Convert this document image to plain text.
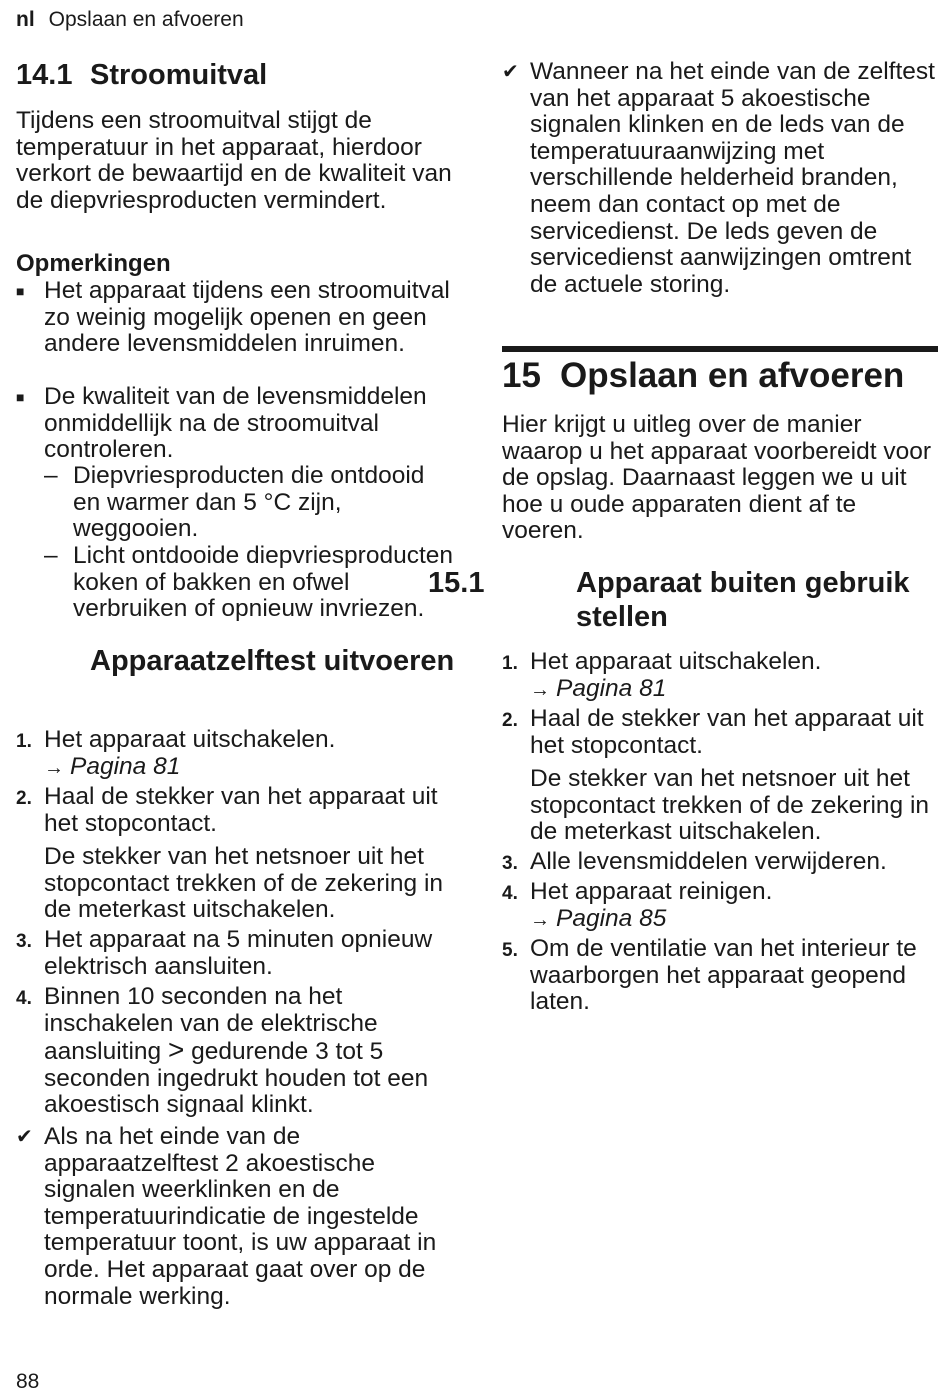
nl Opslaan en afvoeren
14.1 Stroomuitval
Tijdens een stroomuitval stijgt de temperatuur in het apparaat, hierdoor verkort de bewaartijd en de kwaliteit van de diepvriesproducten vermindert.
Opmerkingen
■ Het apparaat tijdens een stroomuitval zo weinig mogelijk openen en geen andere levensmiddelen inruimen.
■ De kwaliteit van de levensmiddelen onmiddellijk na de stroomuitval controleren.
– Diepvriesproducten die ontdooid en warmer dan 5 °C zijn, weggooien.
– Licht ontdooide diepvriesproducten koken of bakken en ofwel verbruiken of opnieuw invriezen.
Apparaatzelftest uitvoeren
1. Het apparaat uitschakelen.
→ Pagina 81
2. Haal de stekker van het apparaat uit het stopcontact.
De stekker van het netsnoer uit het stopcontact trekken of de zekering in de meterkast uitschakelen.
3. Het apparaat na 5 minuten opnieuw elektrisch aansluiten.
4. Binnen 10 seconden na het inschakelen van de elektrische aansluiting > gedurende 3 tot 5 seconden ingedrukt houden tot een akoestisch signaal klinkt.
✔ Als na het einde van de apparaatzelftest 2 akoestische signalen weerklinken en de temperatuurindicatie de ingestelde temperatuur toont, is uw apparaat in orde. Het apparaat gaat over op de normale werking.
✔ Wanneer na het einde van de zelftest van het apparaat 5 akoestische signalen klinken en de leds van de temperatuuraanwijzing met verschillende helderheid branden, neem dan contact op met de servicedienst. De leds geven de servicedienst aanwijzingen omtrent de actuele storing.
15 Opslaan en afvoeren
Hier krijgt u uitleg over de manier waarop u het apparaat voorbereidt voor de opslag. Daarnaast leggen we u uit hoe u oude apparaten dient af te voeren.
15.1	Apparaat buiten gebruik stellen
1. Het apparaat uitschakelen.
→ Pagina 81
2. Haal de stekker van het apparaat uit het stopcontact.
De stekker van het netsnoer uit het stopcontact trekken of de zekering in de meterkast uitschakelen.
3. Alle levensmiddelen verwijderen.
4. Het apparaat reinigen.
→ Pagina 85
5. Om de ventilatie van het interieur te waarborgen het apparaat geopend laten.
88
